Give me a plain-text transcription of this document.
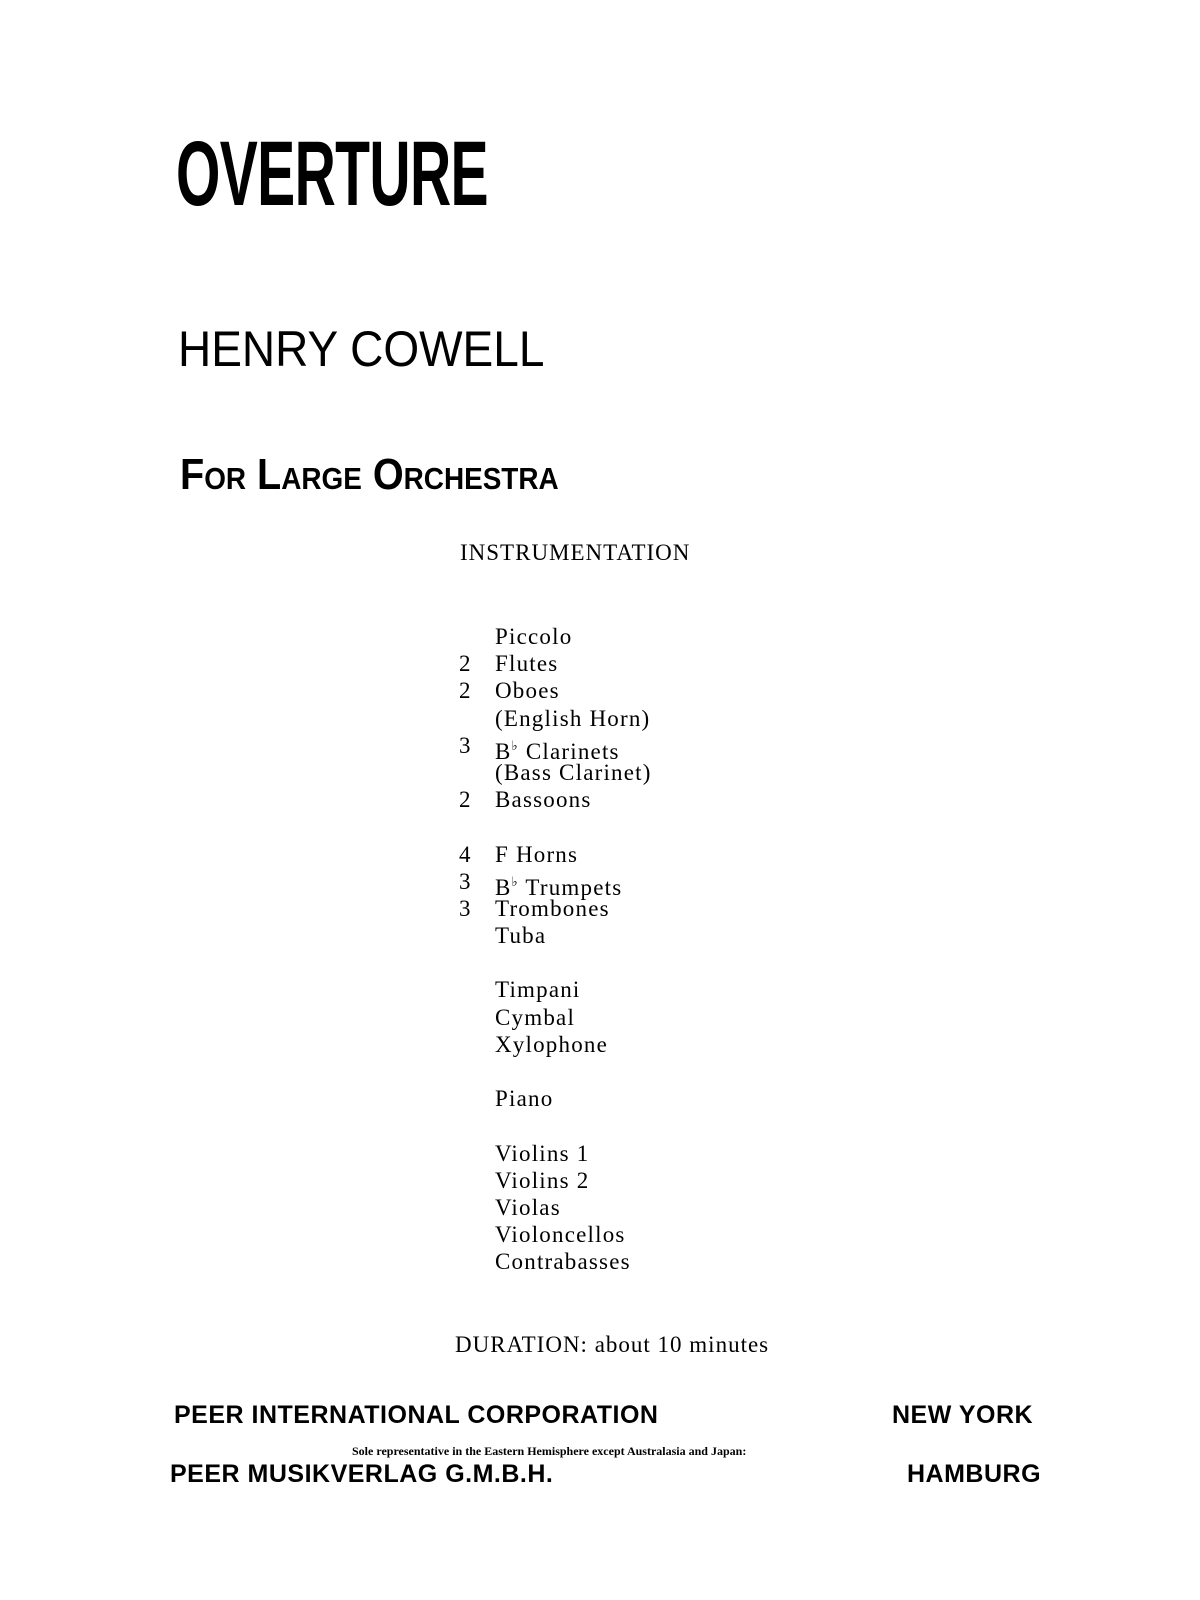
OVERTURE
HENRY COWELL
For Large Orchestra
INSTRUMENTATION
Piccolo
2	Flutes
2	Oboes
(English Horn)
3	B♭ Clarinets
(Bass Clarinet)
2	Bassoons
4	F Horns
3	B♭ Trumpets
3	Trombones
Tuba
Timpani
Cymbal
Xylophone
Piano
Violins 1
Violins 2
Violas
Violoncellos
Contrabasses
DURATION: about 10 minutes
PEER INTERNATIONAL CORPORATION	NEW YORK
Sole representative in the Eastern Hemisphere except Australasia and Japan:
PEER MUSIKVERLAG G.M.B.H.	HAMBURG
